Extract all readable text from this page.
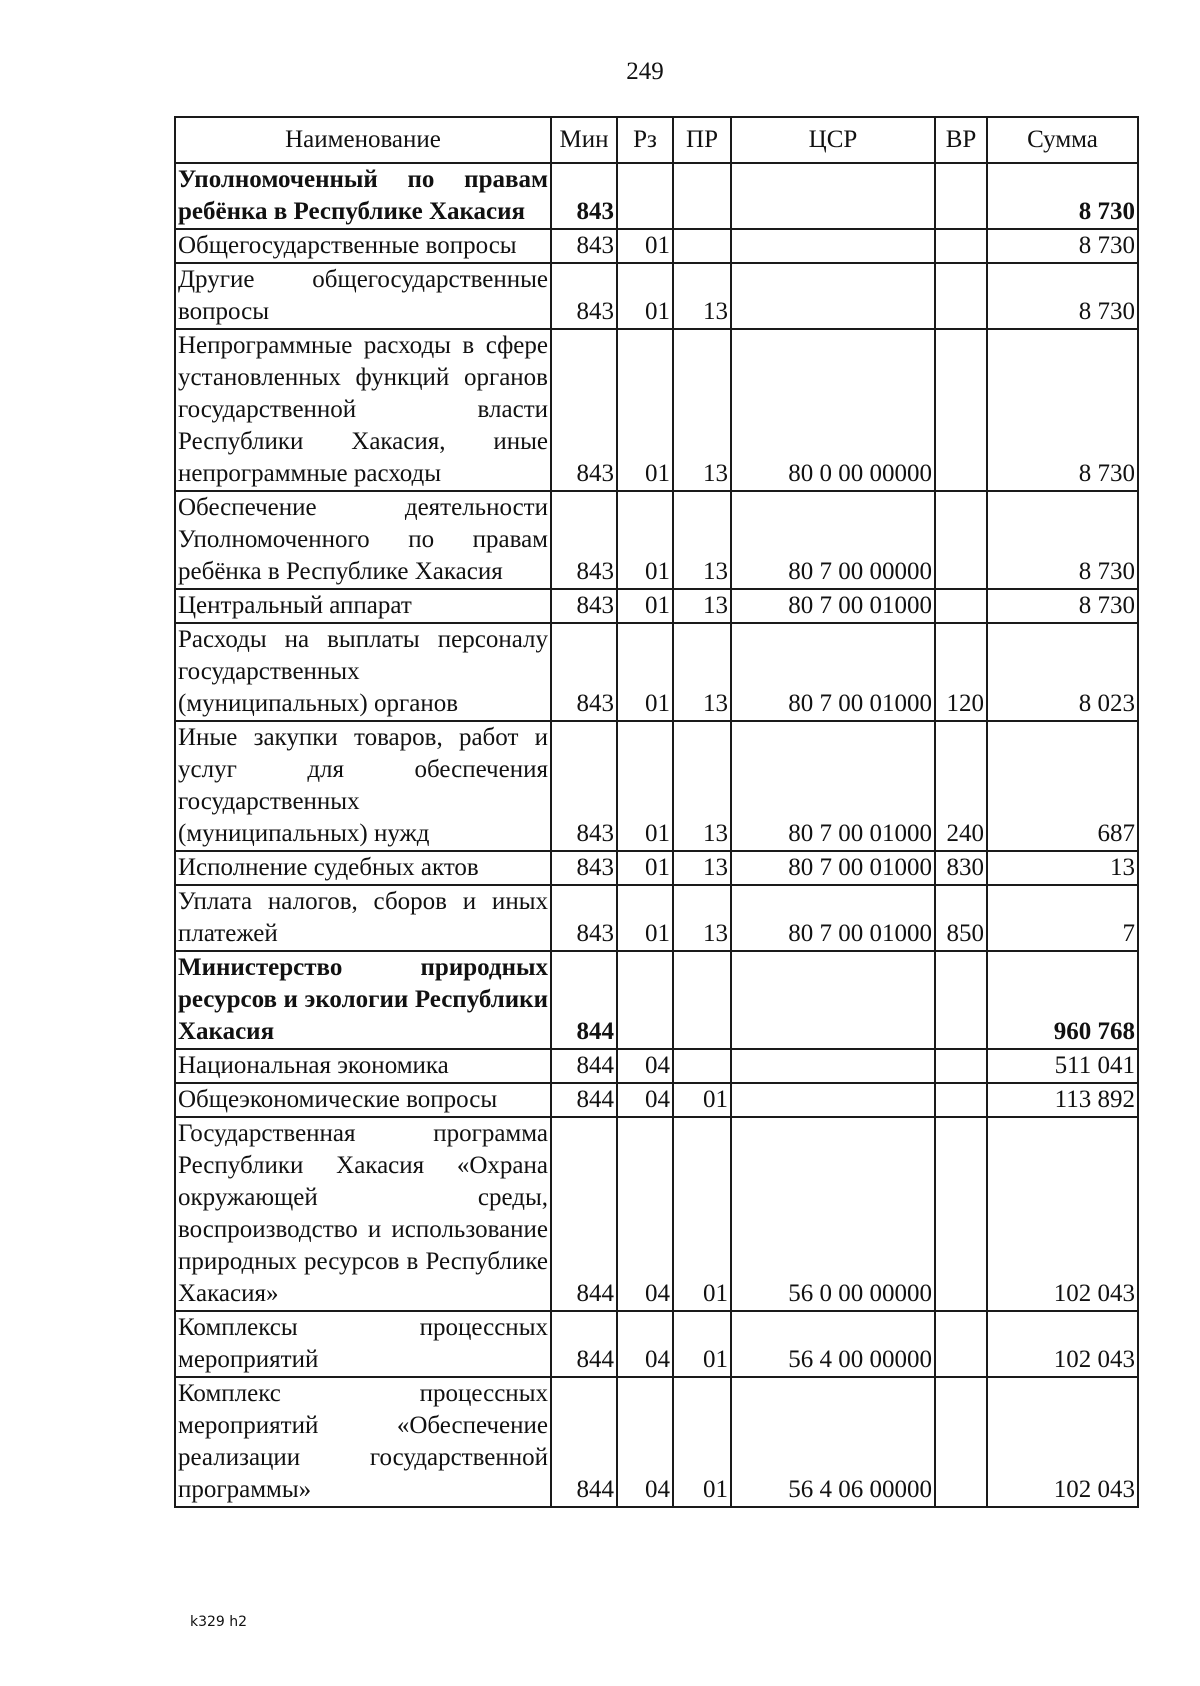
249
Наименование	Мин	Рз	ПР	ЦСР	ВР	Сумма
Уполномоченный по правам ребёнка в Республике Хакасия	843					8 730
Общегосударственные вопросы	843	01				8 730
Другие общегосударственные вопросы	843	01	13			8 730
Непрограммные расходы в сфере установленных функций органов государственной власти Республики Хакасия, иные непрограммные расходы	843	01	13	80 0 00 00000		8 730
Обеспечение деятельности Уполномоченного по правам ребёнка в Республике Хакасия	843	01	13	80 7 00 00000		8 730
Центральный аппарат	843	01	13	80 7 00 01000		8 730
Расходы на выплаты персоналу государственных (муниципальных) органов	843	01	13	80 7 00 01000	120	8 023
Иные закупки товаров, работ и услуг для обеспечения государственных (муниципальных) нужд	843	01	13	80 7 00 01000	240	687
Исполнение судебных актов	843	01	13	80 7 00 01000	830	13
Уплата налогов, сборов и иных платежей	843	01	13	80 7 00 01000	850	7
Министерство природных ресурсов и экологии Республики Хакасия	844					960 768
Национальная экономика	844	04				511 041
Общеэкономические вопросы	844	04	01			113 892
Государственная программа Республики Хакасия «Охрана окружающей среды, воспроизводство и использование природных ресурсов в Республике Хакасия»	844	04	01	56 0 00 00000		102 043
Комплексы процессных мероприятий	844	04	01	56 4 00 00000		102 043
Комплекс процессных мероприятий «Обеспечение реализации государственной программы»	844	04	01	56 4 06 00000		102 043
k329 h2
